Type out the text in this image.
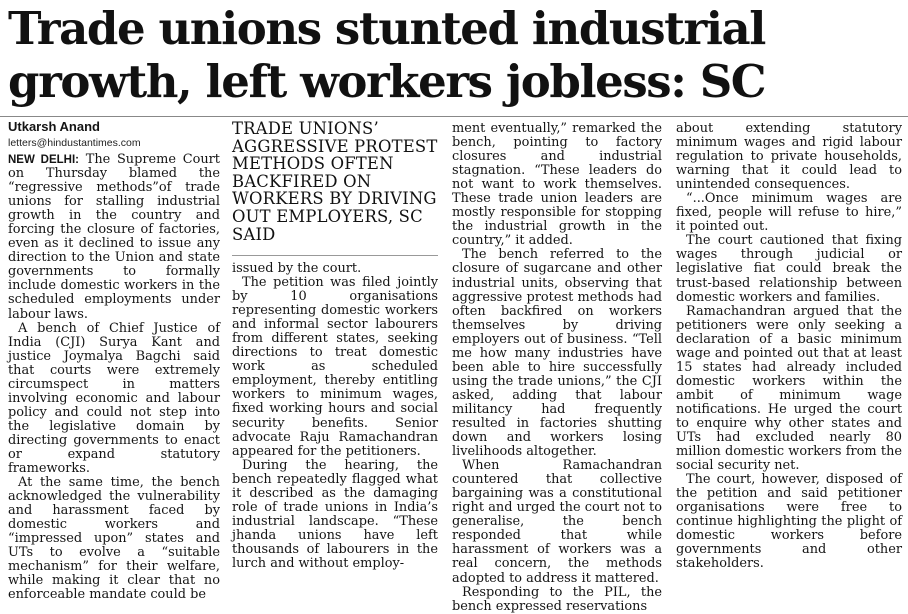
Trade unions stunted industrial growth, left workers jobless: SC
Utkarsh Anand
letters@hindustantimes.com

NEW DELHI: The Supreme Court on Thursday blamed the “regressive methods”of trade unions for stalling industrial growth in the country and forcing the closure of factories, even as it declined to issue any direction to the Union and state governments to formally include domestic workers in the scheduled employments under labour laws.

A bench of Chief Justice of India (CJI) Surya Kant and justice Joymalya Bagchi said that courts were extremely circumspect in matters involving economic and labour policy and could not step into the legislative domain by directing governments to enact or expand statutory frameworks.

At the same time, the bench acknowledged the vulnerability and harassment faced by domestic workers and “impressed upon” states and UTs to evolve a “suitable mechanism” for their welfare, while making it clear that no enforceable mandate could be

TRADE UNIONS’ AGGRESSIVE PROTEST METHODS OFTEN BACKFIRED ON WORKERS BY DRIVING OUT EMPLOYERS, SC SAID

issued by the court.

The petition was filed jointly by 10 organisations representing domestic workers and informal sector labourers from different states, seeking directions to treat domestic work as scheduled employment, thereby entitling workers to minimum wages, fixed working hours and social security benefits. Senior advocate Raju Ramachandran appeared for the petitioners.

During the hearing, the bench repeatedly flagged what it described as the damaging role of trade unions in India’s industrial landscape. “These jhanda unions have left thousands of labourers in the lurch and without employ-

ment eventually,” remarked the bench, pointing to factory closures and industrial stagnation. “These leaders do not want to work themselves. These trade union leaders are mostly responsible for stopping the industrial growth in the country,” it added.

The bench referred to the closure of sugarcane and other industrial units, observing that aggressive protest methods had often backfired on workers themselves by driving employers out of business. “Tell me how many industries have been able to hire successfully using the trade unions,” the CJI asked, adding that labour militancy had frequently resulted in factories shutting down and workers losing livelihoods altogether.

When Ramachandran countered that collective bargaining was a constitutional right and urged the court not to generalise, the bench responded that while harassment of workers was a real concern, the methods adopted to address it mattered.

Responding to the PIL, the bench expressed reservations

about extending statutory minimum wages and rigid labour regulation to private households, warning that it could lead to unintended consequences.

“...Once minimum wages are fixed, people will refuse to hire,” it pointed out.

The court cautioned that fixing wages through judicial or legislative fiat could break the trust-based relationship between domestic workers and families.

Ramachandran argued that the petitioners were only seeking a declaration of a basic minimum wage and pointed out that at least 15 states had already included domestic workers within the ambit of minimum wage notifications. He urged the court to enquire why other states and UTs had excluded nearly 80 million domestic workers from the social security net.

The court, however, disposed of the petition and said petitioner organisations were free to continue highlighting the plight of domestic workers before governments and other stakeholders.
